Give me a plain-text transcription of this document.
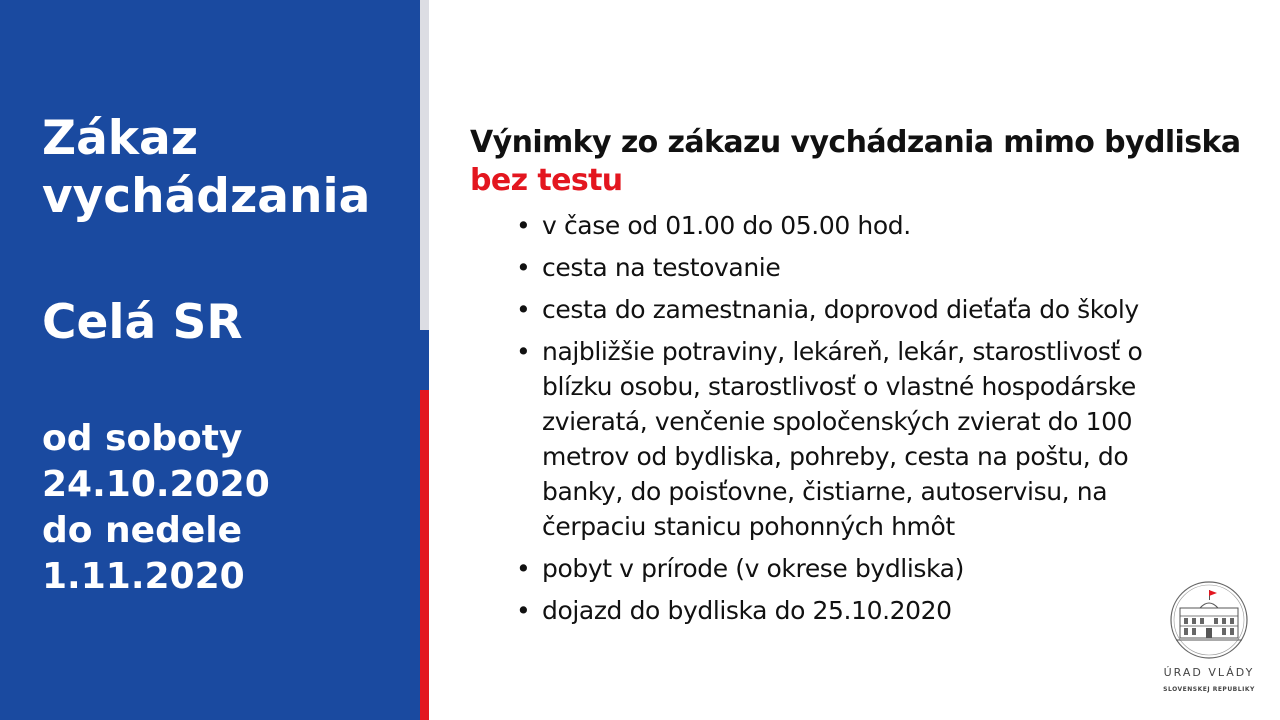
Zákaz vychádzania
Celá SR
od soboty
24.10.2020
do nedele
1.11.2020
Výnimky zo zákazu vychádzania mimo bydliska
bez testu
• v čase od 01.00 do 05.00 hod.
• cesta na testovanie
• cesta do zamestnania, doprovod dieťaťa do školy
• najbližšie potraviny, lekáreň, lekár, starostlivosť o blízku osobu, starostlivosť o vlastné hospodárske zvieratá, venčenie spoločenských zvierat do 100 metrov od bydliska, pohreby, cesta na poštu, do banky, do poisťovne, čistiarne, autoservisu, na čerpaciu stanicu pohonných hmôt
• pobyt v prírode (v okrese bydliska)
• dojazd do bydliska do 25.10.2020
ÚRAD VLÁDY
SLOVENSKEJ REPUBLIKY
